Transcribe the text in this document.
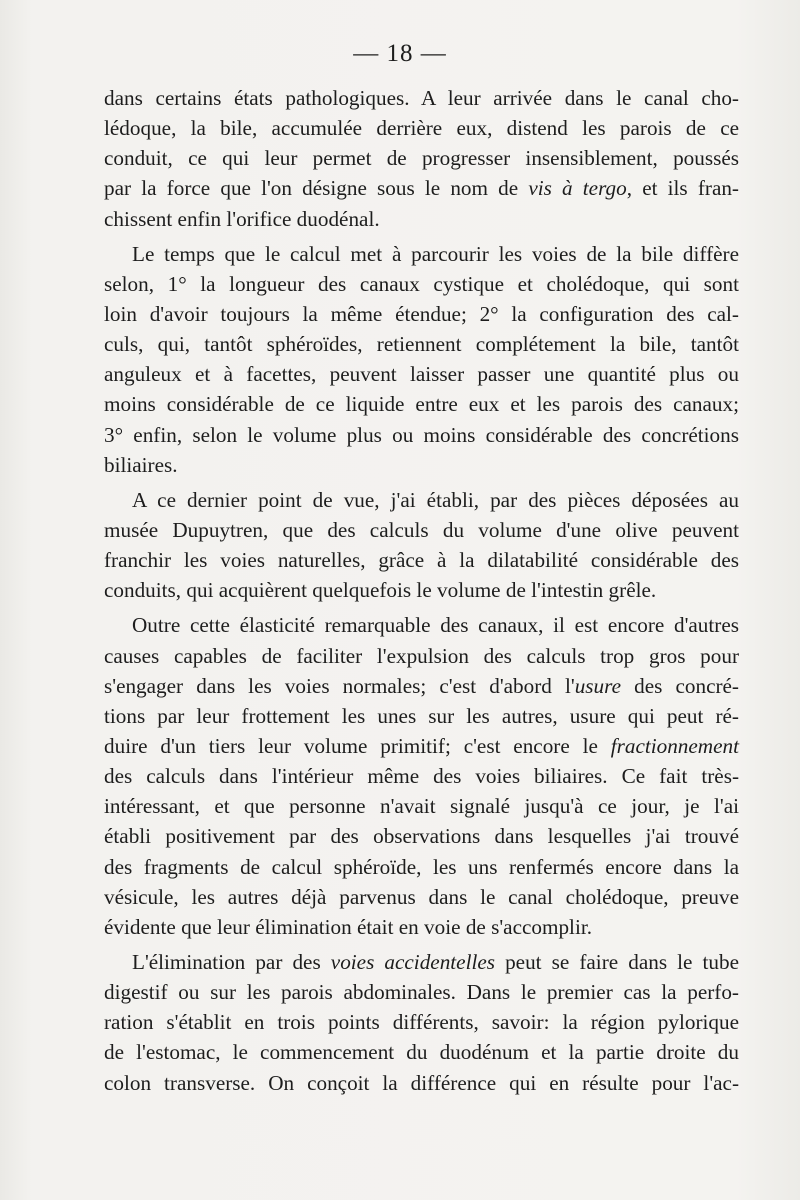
— 18 —
dans certains états pathologiques. A leur arrivée dans le canal cho-
lédoque, la bile, accumulée derrière eux, distend les parois de ce
conduit, ce qui leur permet de progresser insensiblement, poussés
par la force que l'on désigne sous le nom de vis à tergo, et ils fran-
chissent enfin l'orifice duodénal.
Le temps que le calcul met à parcourir les voies de la bile diffère
selon, 1° la longueur des canaux cystique et cholédoque, qui sont
loin d'avoir toujours la même étendue; 2° la configuration des cal-
culs, qui, tantôt sphéroïdes, retiennent complétement la bile, tantôt
anguleux et à facettes, peuvent laisser passer une quantité plus ou
moins considérable de ce liquide entre eux et les parois des canaux;
3° enfin, selon le volume plus ou moins considérable des concrétions
biliaires.
A ce dernier point de vue, j'ai établi, par des pièces déposées au
musée Dupuytren, que des calculs du volume d'une olive peuvent
franchir les voies naturelles, grâce à la dilatabilité considérable des
conduits, qui acquièrent quelquefois le volume de l'intestin grêle.
Outre cette élasticité remarquable des canaux, il est encore d'autres
causes capables de faciliter l'expulsion des calculs trop gros pour
s'engager dans les voies normales; c'est d'abord l'usure des concré-
tions par leur frottement les unes sur les autres, usure qui peut ré-
duire d'un tiers leur volume primitif; c'est encore le fractionnement
des calculs dans l'intérieur même des voies biliaires. Ce fait très-
intéressant, et que personne n'avait signalé jusqu'à ce jour, je l'ai
établi positivement par des observations dans lesquelles j'ai trouvé
des fragments de calcul sphéroïde, les uns renfermés encore dans la
vésicule, les autres déjà parvenus dans le canal cholédoque, preuve
évidente que leur élimination était en voie de s'accomplir.
L'élimination par des voies accidentelles peut se faire dans le tube
digestif ou sur les parois abdominales. Dans le premier cas la perfo-
ration s'établit en trois points différents, savoir: la région pylorique
de l'estomac, le commencement du duodénum et la partie droite du
colon transverse. On conçoit la différence qui en résulte pour l'ac-
